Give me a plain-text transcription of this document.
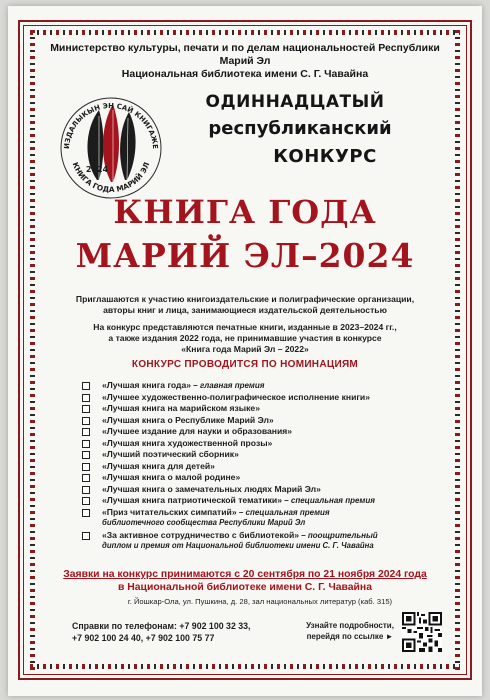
Министерство культуры, печати и по делам национальностей Республики Марий Эл
Национальная библиотека имени С. Г. Чавайна
ИЗДАЛЫКЫН ЭН САЙ КНИГАЖЕ
КНИГА ГОДА МАРИЙ ЭЛ
2024
ОДИННАДЦАТЫЙ
республиканский
КОНКУРС
КНИГА ГОДА
МАРИЙ ЭЛ–2024
Приглашаются к участию книгоиздательские и полиграфические организации,
авторы книг и лица, занимающиеся издательской деятельностью
На конкурс представляются печатные книги, изданные в 2023–2024 гг.,
а также издания 2022 года, не принимавшие участия в конкурсе
«Книга года Марий Эл – 2022»
КОНКУРС ПРОВОДИТСЯ ПО НОМИНАЦИЯМ
«Лучшая книга года» – главная премия
«Лучшее художественно-полиграфическое исполнение книги»
«Лучшая книга на марийском языке»
«Лучшая книга о Республике Марий Эл»
«Лучшее издание для науки и образования»
«Лучшая книга художественной прозы»
«Лучший поэтический сборник»
«Лучшая книга для детей»
«Лучшая книга о малой родине»
«Лучшая книга о замечательных людях Марий Эл»
«Лучшая книга патриотической тематики» – специальная премия
«Приз читательских симпатий» – специальная премия
библиотечного сообщества Республики Марий Эл
«За активное сотрудничество с библиотекой» – поощрительный
диплом и премия от Национальной библиотеки имени С. Г. Чавайна
Заявки на конкурс принимаются с 20 сентября по 21 ноября 2024 года
в Национальной библиотеке имени С. Г. Чавайна
г. Йошкар-Ола, ул. Пушкина, д. 28, зал национальных литератур (каб. 315)
Справки по телефонам: +7 902 100 32 33,
+7 902 100 24 40, +7 902 100 75 77
Узнайте подробности,
перейдя по ссылке ►
